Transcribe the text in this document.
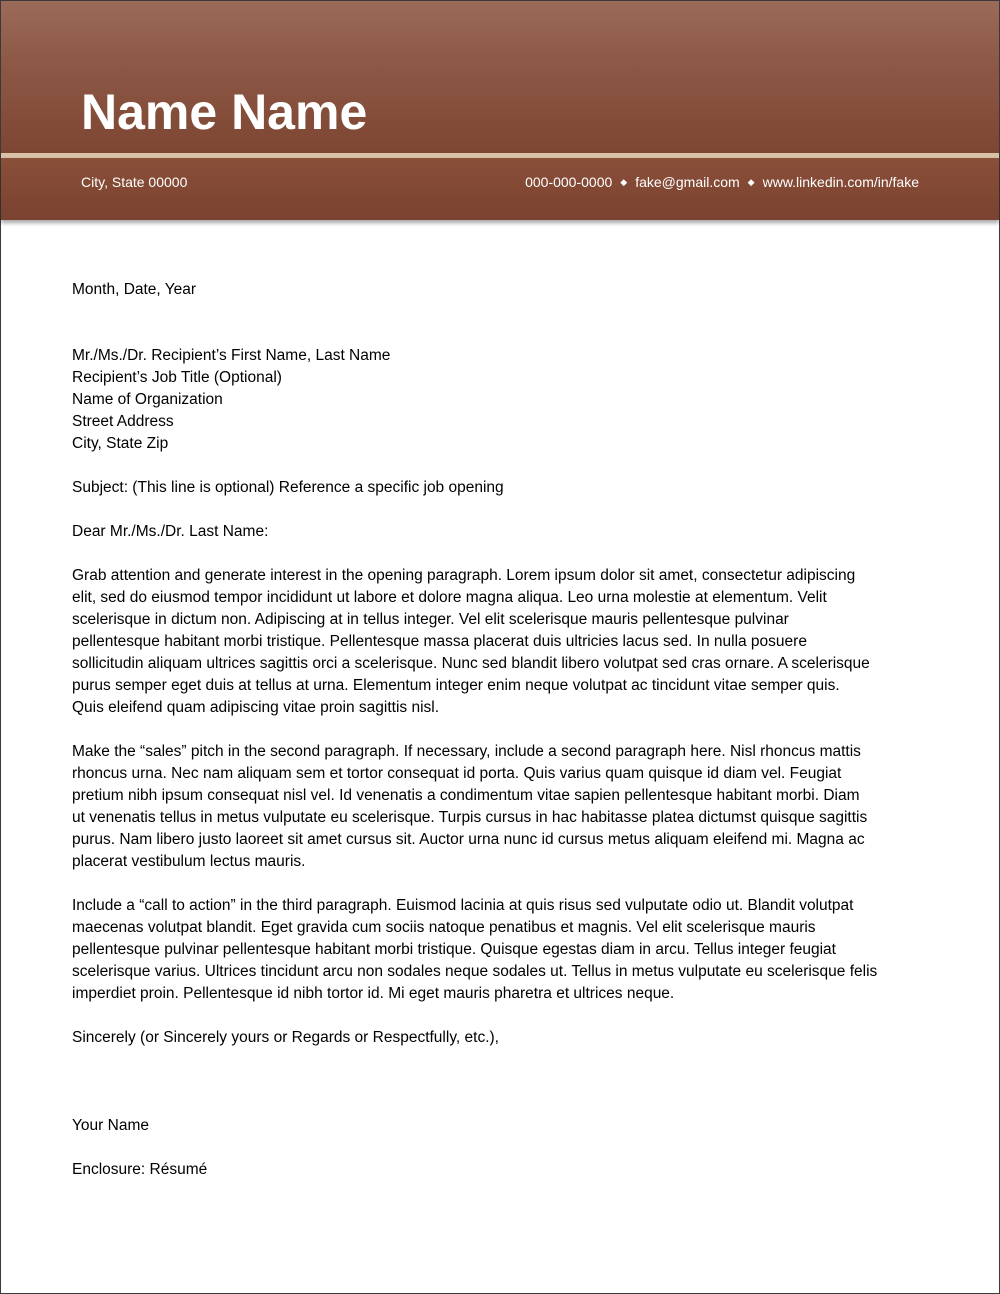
Name Name
City, State 00000	000-000-0000 ◆ fake@gmail.com ◆ www.linkedin.com/in/fake
Month, Date, Year
Mr./Ms./Dr. Recipient’s First Name, Last Name
Recipient’s Job Title (Optional)
Name of Organization
Street Address
City, State Zip
Subject: (This line is optional) Reference a specific job opening
Dear Mr./Ms./Dr. Last Name:

Grab attention and generate interest in the opening paragraph. Lorem ipsum dolor sit amet, consectetur adipiscing
elit, sed do eiusmod tempor incididunt ut labore et dolore magna aliqua. Leo urna molestie at elementum. Velit
scelerisque in dictum non. Adipiscing at in tellus integer. Vel elit scelerisque mauris pellentesque pulvinar
pellentesque habitant morbi tristique. Pellentesque massa placerat duis ultricies lacus sed. In nulla posuere
sollicitudin aliquam ultrices sagittis orci a scelerisque. Nunc sed blandit libero volutpat sed cras ornare. A scelerisque
purus semper eget duis at tellus at urna. Elementum integer enim neque volutpat ac tincidunt vitae semper quis.
Quis eleifend quam adipiscing vitae proin sagittis nisl.

Make the “sales” pitch in the second paragraph. If necessary, include a second paragraph here. Nisl rhoncus mattis
rhoncus urna. Nec nam aliquam sem et tortor consequat id porta. Quis varius quam quisque id diam vel. Feugiat
pretium nibh ipsum consequat nisl vel. Id venenatis a condimentum vitae sapien pellentesque habitant morbi. Diam
ut venenatis tellus in metus vulputate eu scelerisque. Turpis cursus in hac habitasse platea dictumst quisque sagittis
purus. Nam libero justo laoreet sit amet cursus sit. Auctor urna nunc id cursus metus aliquam eleifend mi. Magna ac
placerat vestibulum lectus mauris.

Include a “call to action” in the third paragraph. Euismod lacinia at quis risus sed vulputate odio ut. Blandit volutpat
maecenas volutpat blandit. Eget gravida cum sociis natoque penatibus et magnis. Vel elit scelerisque mauris
pellentesque pulvinar pellentesque habitant morbi tristique. Quisque egestas diam in arcu. Tellus integer feugiat
scelerisque varius. Ultrices tincidunt arcu non sodales neque sodales ut. Tellus in metus vulputate eu scelerisque felis
imperdiet proin. Pellentesque id nibh tortor id. Mi eget mauris pharetra et ultrices neque.

Sincerely (or Sincerely yours or Regards or Respectfully, etc.),
Your Name
Enclosure: Résumé
